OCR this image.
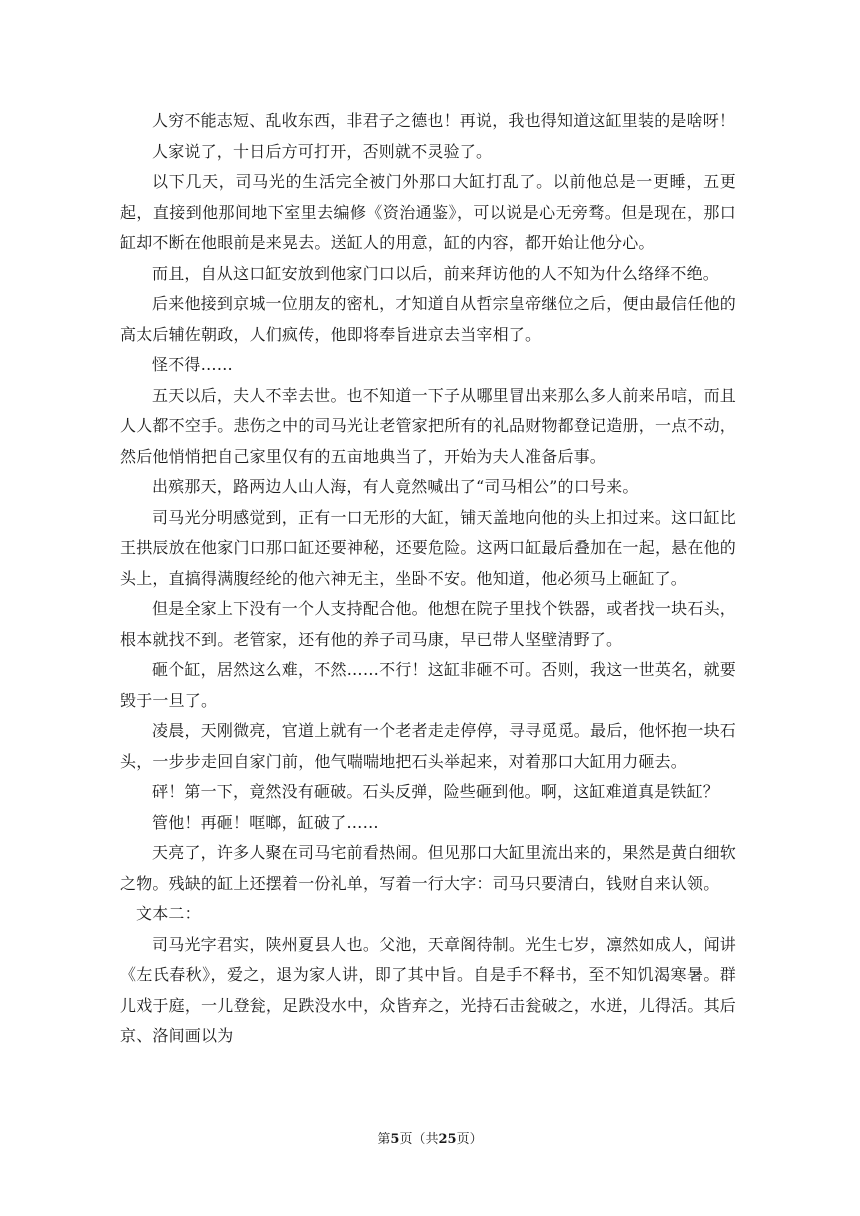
人穷不能志短、乱收东西，非君子之德也！再说，我也得知道这缸里装的是啥呀！

人家说了，十日后方可打开，否则就不灵验了。

以下几天，司马光的生活完全被门外那口大缸打乱了。以前他总是一更睡，五更起，直接到他那间地下室里去编修《资治通鉴》，可以说是心无旁骛。但是现在，那口缸却不断在他眼前是来晃去。送缸人的用意，缸的内容，都开始让他分心。

而且，自从这口缸安放到他家门口以后，前来拜访他的人不知为什么络绎不绝。

后来他接到京城一位朋友的密札，才知道自从哲宗皇帝继位之后，便由最信任他的高太后辅佐朝政，人们疯传，他即将奉旨进京去当宰相了。

怪不得……

五天以后，夫人不幸去世。也不知道一下子从哪里冒出来那么多人前来吊唁，而且人人都不空手。悲伤之中的司马光让老管家把所有的礼品财物都登记造册，一点不动，然后他悄悄把自己家里仅有的五亩地典当了，开始为夫人准备后事。

出殡那天，路两边人山人海，有人竟然喊出了“司马相公”的口号来。

司马光分明感觉到，正有一口无形的大缸，铺天盖地向他的头上扣过来。这口缸比王拱辰放在他家门口那口缸还要神秘，还要危险。这两口缸最后叠加在一起，悬在他的头上，直搞得满腹经纶的他六神无主，坐卧不安。他知道，他必须马上砸缸了。

但是全家上下没有一个人支持配合他。他想在院子里找个铁器，或者找一块石头，根本就找不到。老管家，还有他的养子司马康，早已带人坚壁清野了。

砸个缸，居然这么难，不然……不行！这缸非砸不可。否则，我这一世英名，就要毁于一旦了。

凌晨，天刚微亮，官道上就有一个老者走走停停，寻寻觅觅。最后，他怀抱一块石头，一步步走回自家门前，他气喘喘地把石头举起来，对着那口大缸用力砸去。

砰！第一下，竟然没有砸破。石头反弹，险些砸到他。啊，这缸难道真是铁缸？

管他！再砸！哐啷，缸破了……

天亮了，许多人聚在司马宅前看热闹。但见那口大缸里流出来的，果然是黄白细软之物。残缺的缸上还摆着一份礼单，写着一行大字：司马只要清白，钱财自来认领。

文本二：

司马光字君实，陕州夏县人也。父池，天章阁待制。光生七岁，凛然如成人，闻讲《左氏春秋》，爱之，退为家人讲，即了其中旨。自是手不释书，至不知饥渴寒暑。群儿戏于庭，一儿登瓮，足跌没水中，众皆弃之，光持石击瓮破之，水迸，儿得活。其后京、洛间画以为

第5页（共25页）
